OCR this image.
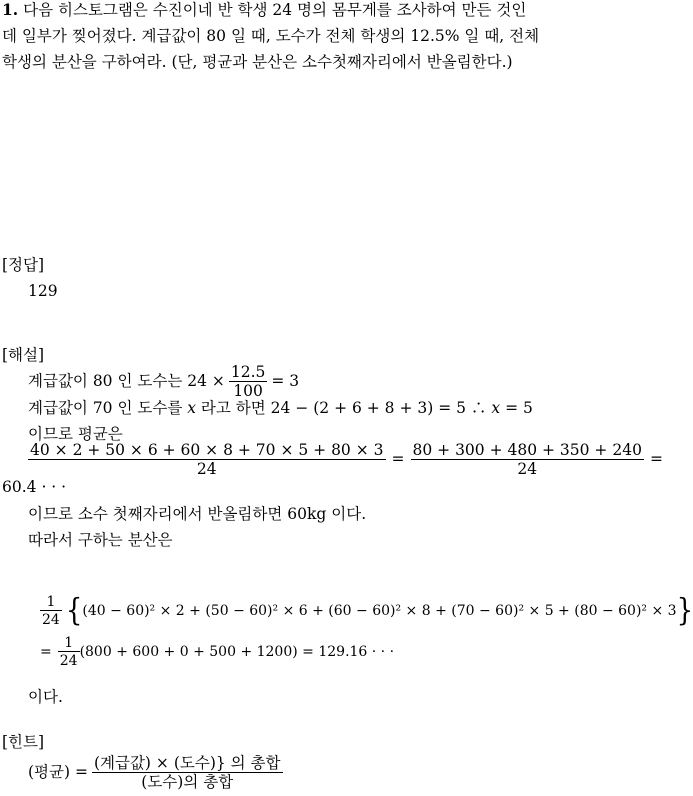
1. 다음 히스토그램은 수진이네 반 학생 24 명의 몸무게를 조사하여 만든 것인
데 일부가 찢어졌다. 계급값이 80 일 때, 도수가 전체 학생의 12.5% 일 때, 전체
학생의 분산을 구하여라. (단, 평균과 분산은 소수첫째자리에서 반올림한다.)
[정답]
129
[해설]
계급값이 80 인 도수는 $24 \times \frac{12.5}{100} = 3$
계급값이 70 인 도수를 x 라고 하면 24 − (2 + 6 + 8 + 3) = 5 ∴ x = 5
이므로 평균은
$\frac{40 \times 2 + 50 \times 6 + 60 \times 8 + 70 \times 5 + 80 \times 3}{24} = \frac{80 + 300 + 480 + 350 + 240}{24}$ =
60.4 · · ·
이므로 소수 첫째자리에서 반올림하면 60kg 이다.
따라서 구하는 분산은
$\frac{1}{24}$ { (40 − 60)² × 2 + (50 − 60)² × 6 + (60 − 60)² × 8 + (70 − 60)² × 5 + (80 − 60)² × 3 }
= $\frac{1}{24} (800 + 600 + 0 + 500 + 1200) = 129.16$ · · ·
이다.
[힌트]
(평균) = $\frac{\text{(계급값) × (도수)\} 의 총합}}{\text{(도수)의 총합}}$
